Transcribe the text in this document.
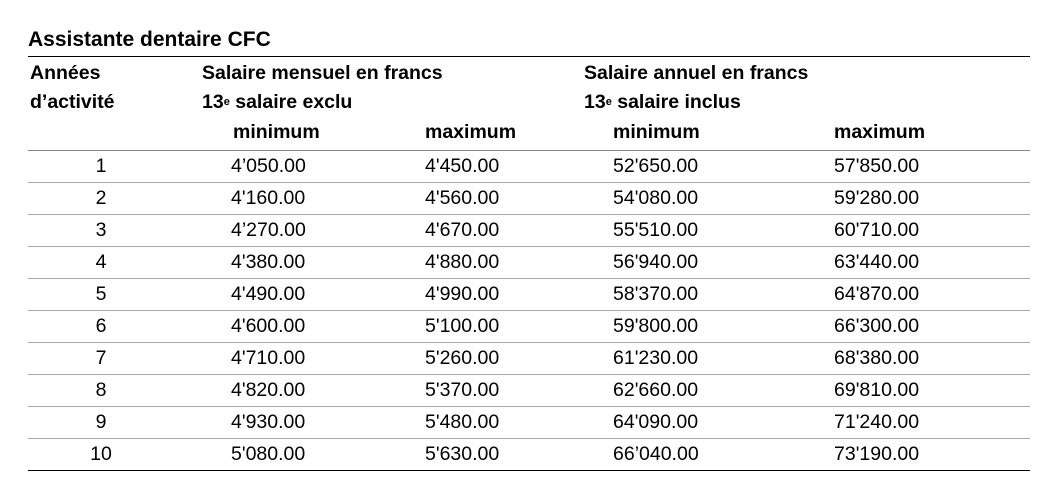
Assistante dentaire CFC
Années
d’activité
Salaire mensuel en francs
13e salaire exclu
Salaire annuel en francs
13e salaire inclus
minimum	maximum	minimum	maximum
1	4’050.00	4'450.00	52'650.00	57'850.00
2	4'160.00	4'560.00	54'080.00	59'280.00
3	4’270.00	4'670.00	55'510.00	60'710.00
4	4'380.00	4'880.00	56'940.00	63'440.00
5	4'490.00	4'990.00	58'370.00	64'870.00
6	4'600.00	5'100.00	59'800.00	66'300.00
7	4'710.00	5'260.00	61'230.00	68'380.00
8	4'820.00	5'370.00	62'660.00	69'810.00
9	4'930.00	5'480.00	64'090.00	71'240.00
10	5'080.00	5'630.00	66’040.00	73'190.00
